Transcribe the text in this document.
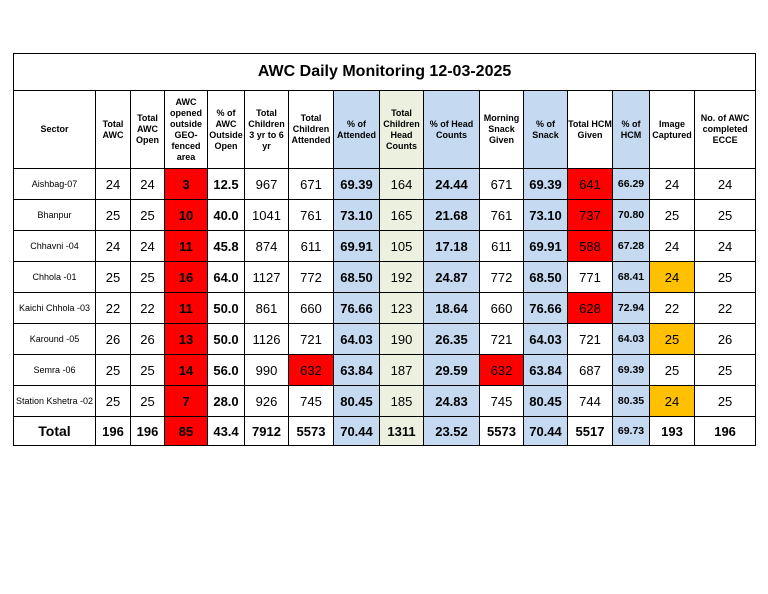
AWC Daily Monitoring 12-03-2025															
Sector	Total AWC	Total AWC Open	AWC opened outside GEO-fenced area	% of AWC Outside Open	Total Children 3 yr to 6 yr	Total Children Attended	% of Attended	Total Children Head Counts	% of Head Counts	Morning Snack Given	% of Snack	Total HCM Given	% of HCM	Image Captured	No. of AWC completed ECCE
Aishbag-07	24	24	3	12.5	967	671	69.39	164	24.44	671	69.39	641	66.29	24	24
Bhanpur	25	25	10	40.0	1041	761	73.10	165	21.68	761	73.10	737	70.80	25	25
Chhavni -04	24	24	11	45.8	874	611	69.91	105	17.18	611	69.91	588	67.28	24	24
Chhola -01	25	25	16	64.0	1127	772	68.50	192	24.87	772	68.50	771	68.41	24	25
Kaichi Chhola -03	22	22	11	50.0	861	660	76.66	123	18.64	660	76.66	628	72.94	22	22
Karound -05	26	26	13	50.0	1126	721	64.03	190	26.35	721	64.03	721	64.03	25	26
Semra -06	25	25	14	56.0	990	632	63.84	187	29.59	632	63.84	687	69.39	25	25
Station Kshetra -02	25	25	7	28.0	926	745	80.45	185	24.83	745	80.45	744	80.35	24	25
Total	196	196	85	43.4	7912	5573	70.44	1311	23.52	5573	70.44	5517	69.73	193	196
